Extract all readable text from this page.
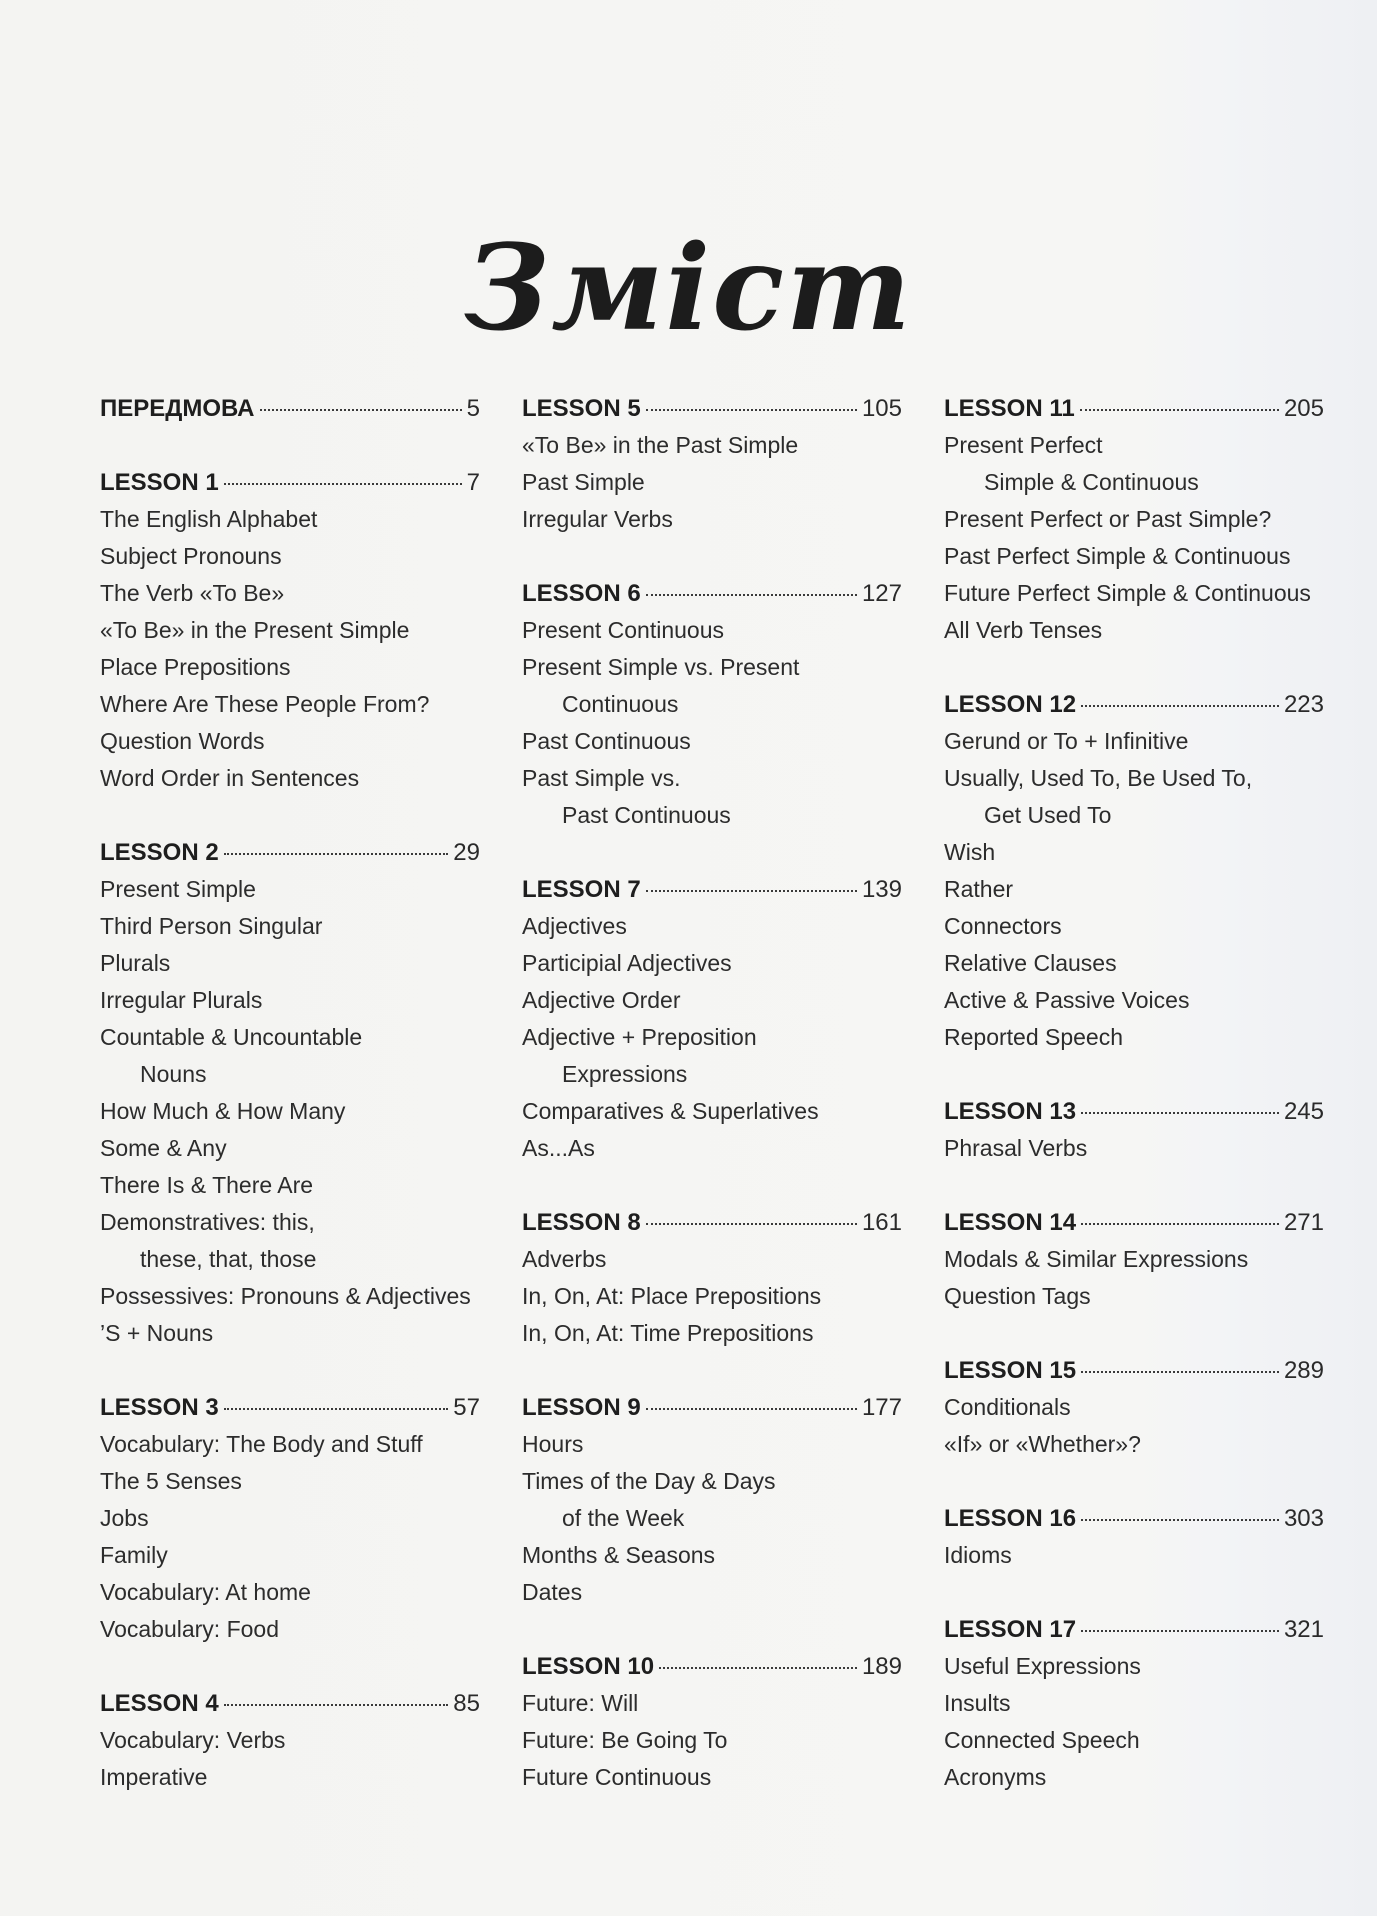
Зміст
ПЕРЕДМОВА	5
LESSON 1	7
The English Alphabet
Subject Pronouns
The Verb «To Be»
«To Be» in the Present Simple
Place Prepositions
Where Are These People From?
Question Words
Word Order in Sentences
LESSON 2	29
Present Simple
Third Person Singular
Plurals
Irregular Plurals
Countable & Uncountable
Nouns
How Much & How Many
Some & Any
There Is & There Are
Demonstratives: this,
these, that, those
Possessives: Pronouns & Adjectives
’S + Nouns
LESSON 3	57
Vocabulary: The Body and Stuff
The 5 Senses
Jobs
Family
Vocabulary: At home
Vocabulary: Food
LESSON 4	85
Vocabulary: Verbs
Imperative
LESSON 5	105
«To Be» in the Past Simple
Past Simple
Irregular Verbs
LESSON 6	127
Present Continuous
Present Simple vs. Present
Continuous
Past Continuous
Past Simple vs.
Past Continuous
LESSON 7	139
Adjectives
Participial Adjectives
Adjective Order
Adjective + Preposition
Expressions
Comparatives & Superlatives
As...As
LESSON 8	161
Adverbs
In, On, At: Place Prepositions
In, On, At: Time Prepositions
LESSON 9	177
Hours
Times of the Day & Days
of the Week
Months & Seasons
Dates
LESSON 10	189
Future: Will
Future: Be Going To
Future Continuous
LESSON 11	205
Present Perfect
Simple & Continuous
Present Perfect or Past Simple?
Past Perfect Simple & Continuous
Future Perfect Simple & Continuous
All Verb Tenses
LESSON 12	223
Gerund or To + Infinitive
Usually, Used To, Be Used To,
Get Used To
Wish
Rather
Connectors
Relative Clauses
Active & Passive Voices
Reported Speech
LESSON 13	245
Phrasal Verbs
LESSON 14	271
Modals & Similar Expressions
Question Tags
LESSON 15	289
Conditionals
«If» or «Whether»?
LESSON 16	303
Idioms
LESSON 17	321
Useful Expressions
Insults
Connected Speech
Acronyms
